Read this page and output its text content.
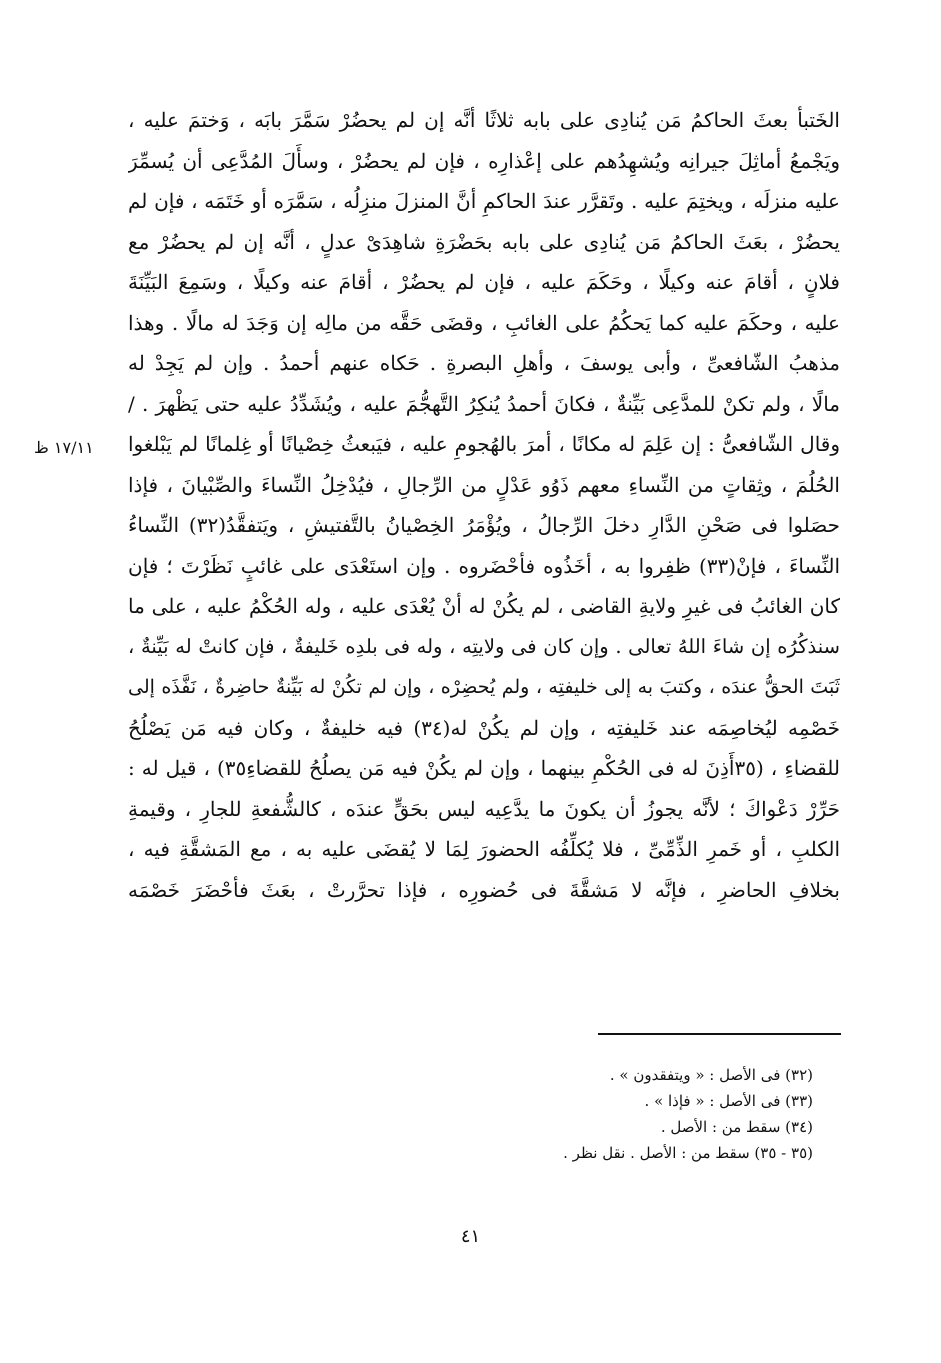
الخَتبأ بعثَ الحاكمُ مَن يُنادِى على بابه ثلاثًا أنَّه إن لم يحضُرْ سَمَّرَ بابَه ، وَختمَ عليه ،
ويَجْمعُ أماثِلَ جيرانِه ويُشهِدُهم على إعْذارِه ، فإن لم يحضُرْ ، وسأَلَ المُدَّعِى أن يُسمِّرَ
عليه منزلَه ، ويختِمَ عليه . وتَقرَّر عندَ الحاكمِ أنَّ المنزلَ منزِلُه ، سَمَّرَه أو خَتَمَه ، فإن لم
يحضُرْ ، بعَثَ الحاكمُ مَن يُنادِى على بابه بحَضْرَةِ شاهِدَىْ عدلٍ ، أنَّه إن لم يحضُرْ مع
فلانٍ ، أقامَ عنه وكيلًا ، وحَكَمَ عليه ، فإن لم يحضُرْ ، أقامَ عنه وكيلًا ، وسَمِعَ البَيِّنَةَ
عليه ، وحكَمَ عليه كما يَحكُمُ على الغائبِ ، وقضَى حَقَّه من مالِه إن وَجَدَ له مالًا . وهذا
مذهبُ الشّافعىِّ ، وأبى يوسفَ ، وأهلِ البصرةِ . حَكاه عنهم أحمدُ . وإن لم يَجِدْ له
مالًا ، ولم تكنْ للمدَّعِى بَيِّنةٌ ، فكانَ أحمدُ يُنكِرُ التَّهجُّمَ عليه ، ويُشَدِّدُ عليه حتى يَظْهرَ . /
وقال الشّافعىُّ : إن عَلِمَ له مكانًا ، أمرَ بالهُجومِ عليه ، فيَبعثُ خِصْيانًا أو غِلمانًا لم يَبْلغوا
الحُلُمَ ، وثِقاتٍ من النِّساءِ معهم ذَوُو عَدْلٍ من الرِّجالِ ، فيُدْخِلُ النِّساءَ والصِّبْيانَ ، فإذا
حصَلوا فى صَحْنِ الدَّارِ دخلَ الرِّجالُ ، ويُؤْمَرُ الخِصْيانُ بالتَّفتيشِ ، ويَتفقَّدُ(٣٢) النِّساءُ
النِّساءَ ، فإنْ(٣٣) ظفِروا به ، أخَذُوه فأحْضَروه . وإن استَعْدَى على غائبٍ نَظَرْتَ ؛ فإن
كان الغائبُ فى غيرِ ولايةِ القاضى ، لم يكُنْ له أنْ يُعْدَى عليه ، وله الحُكْمُ عليه ، على ما
سنذكُرُه إن شاءَ اللهُ تعالى . وإن كان فى ولايتِه ، وله فى بلدِه خَليفةٌ ، فإن كانتْ له بَيِّنةٌ ،
ثَبَتَ الحقُّ عندَه ، وكتبَ به إلى خليفتِه ، ولم يُحضِرْه ، وإن لم تكُنْ له بَيِّنةٌ حاضِرةٌ ، نَفَّذَه إلى
خَصْمِه ليُخاصِمَه عند خَليفتِه ، وإن لم يكُنْ له(٣٤) فيه خليفةٌ ، وكان فيه مَن يَصْلُحُ
للقضاءِ ، (٣٥أَذِنَ له فى الحُكْمِ بينهما ، وإن لم يكُنْ فيه مَن يصلُحُ للقضاءِ٣٥) ، قيل له :
حَرِّرْ دَعْواكَ ؛ لأنَّه يجوزُ أن يكونَ ما يدَّعِيه ليس بحَقٍّ عندَه ، كالشُّفعةِ للجارِ ، وقيمةِ
الكلبِ ، أو خَمرِ الذِّمِّىِّ ، فلا يُكلِّفُه الحضورَ لِمَا لا يُقضَى عليه به ، مع المَشقَّةِ فيه ،
بخلافِ الحاضرِ ، فإنَّه لا مَشقَّةَ فى حُضورِه ، فإذا تحرَّرتْ ، بعَثَ فأحْضَرَ خَصْمَه
١٧/١١ ظ
(٣٢) فى الأصل : « ويتفقدون » .
(٣٣) فى الأصل : « فإذا » .
(٣٤) سقط من : الأصل .
(٣٥ - ٣٥) سقط من : الأصل . نقل نظر .
٤١
